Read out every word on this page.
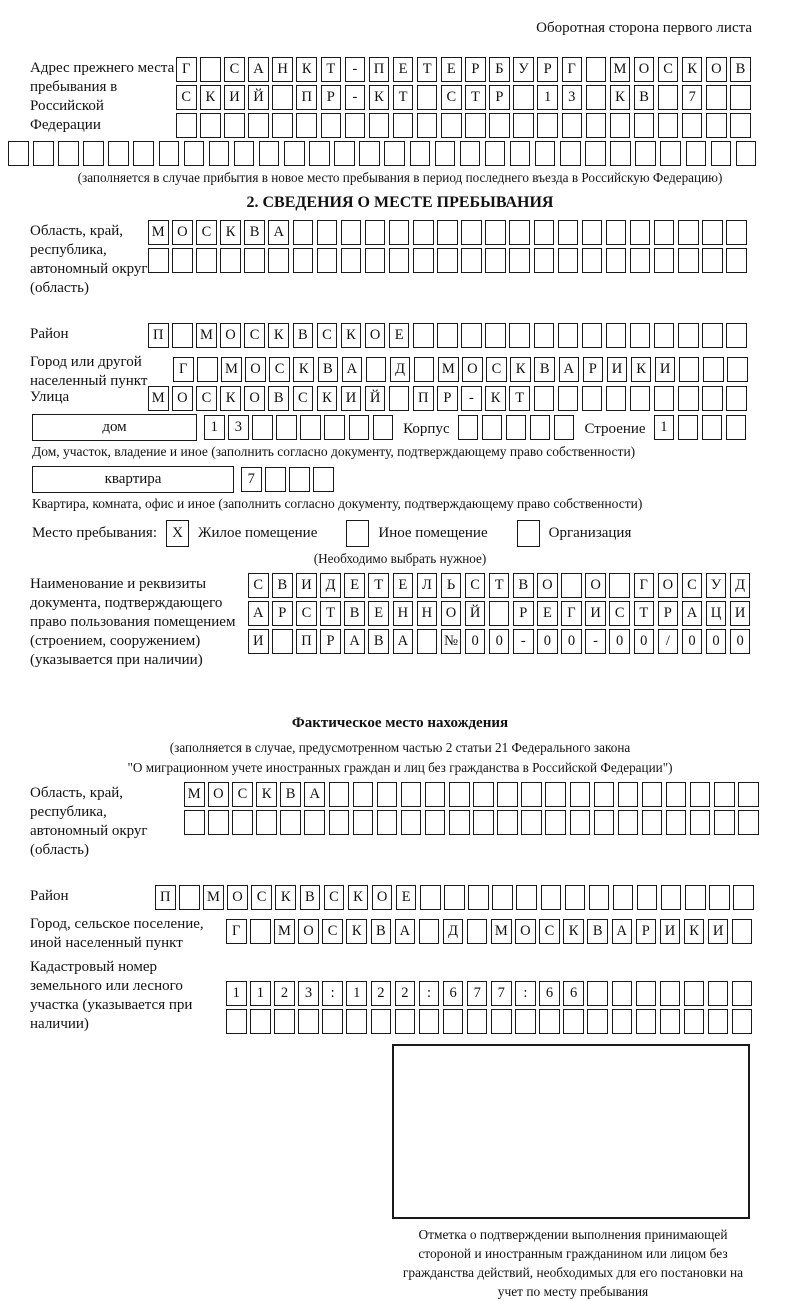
Оборотная сторона первого листа
Адрес прежнего места пребывания в Российской Федерации
Г	С А Н К	Т	-	П Е	Т	Е	Р	Б	У	Р	Г	М О С К О В
С К И Й	П	Р	-	К	Т	С	Т	Р	1	3	К В	7
(заполняется в случае прибытия в новое место пребывания в период последнего въезда в Российскую Федерацию)
2. СВЕДЕНИЯ О МЕСТЕ ПРЕБЫВАНИЯ
Область, край, республика, автономный округ (область)
М О С К В А
Район	П	М О С К В С К О Е
Город или другой населенный пункт
Г	М О С К В А	Д	М О С К В А	Р	И К И
Улица	М О С К О В С К И Й	П	Р	-	К	Т
дом	1	3	Корпус	Строение	1
Дом, участок, владение и иное (заполнить согласно документу, подтверждающему право собственности)
квартира	7
Квартира, комната, офис и иное (заполнить согласно документу, подтверждающему право собственности)
Место пребывания:	X	Жилое помещение	Иное помещение	Организация
(Необходимо выбрать нужное)
Наименование и реквизиты документа, подтверждающего право пользования помещением (строением, сооружением) (указывается при наличии)
С В И Д	Е	Т	Е	Л	Ь	С	Т	В О	О	Г	О С У Д
А	Р	С	Т	В	Е Н Н О Й	Р	Е	Г	И С	Т	Р	А Ц И
И	П	Р	А В А	№ 0	0	-	0	0	-	0	0	/	0	0	0
Фактическое место нахождения
(заполняется в случае, предусмотренном частью 2 статьи 21 Федерального закона
"О миграционном учете иностранных граждан и лиц без гражданства в Российской Федерации")
Область, край, республика, автономный округ (область)
М О С К В А
Район	П	М О С К В С К О Е
Город, сельское поселение, иной населенный пункт
Г	М О С К В А	Д	М О С К В А	Р	И К И
Кадастровый номер земельного или лесного участка (указывается при наличии)
1	1	2	3	:	1	2	2	:	6	7	7	:	6	6
Отметка о подтверждении выполнения принимающей стороной и иностранным гражданином или лицом без гражданства действий, необходимых для его постановки на учет по месту пребывания
